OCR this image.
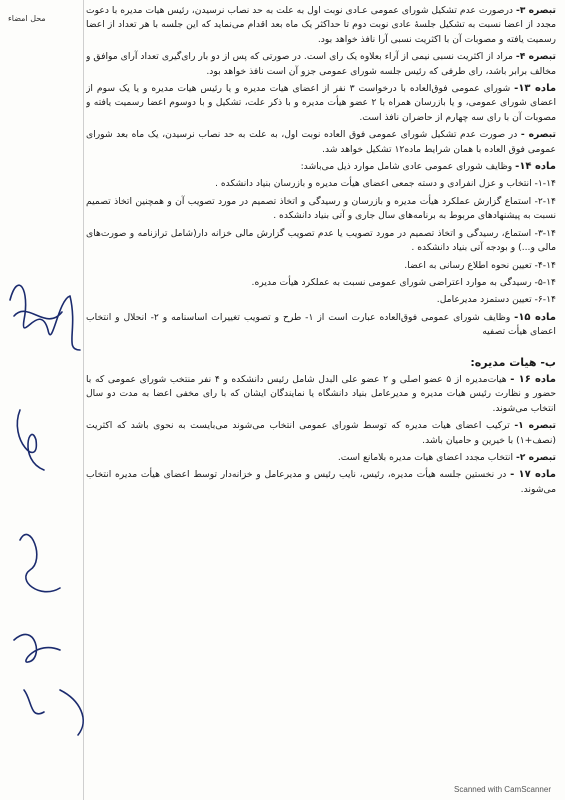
محل امضاء

تبصره ۳- درصورت عدم تشکیل شورای عمومی عـادی نوبت اول به علت به حد نصاب نرسیدن، رئیس هیات مدیره با دعوت مجدد از اعضا نسبت به تشکیل جلسهٔ عادی نوبت دوم تا حداکثر یک ماه بعد اقدام می‌نماید که این جلسه با هر تعداد از اعضا رسمیت یافته و مصوبات آن با اکثریت نسبی آرا نافذ خواهد بود.

تبصره ۴- مراد از اکثریت نسبی نیمی از آراء بعلاوه یک رای است. در صورتی که پس از دو بار رای‌گیری تعداد آرای موافق و مخالف برابر باشد، رای طرفی که رئیس جلسه شورای عمومی جزو آن است نافذ خواهد بود.

ماده ۱۳- شورای عمومی فوق‌العاده با درخواست ۳ نفر از اعضای هیات مدیره و یا رئیس هیات مدیره و یا یک سوم از اعضای شورای عمومی، و یا بازرسان همراه با ۲ عضو هیأت مدیره و با ذکر علت، تشکیل و با دوسوم اعضا رسمیت یافته و مصوبات آن با رای سه چهارم از حاضران نافذ است.

تبصره - در صورت عدم تشکیل شورای عمومی فوق العاده نوبت اول، به علت به حد نصاب نرسیدن، یک ماه بعد شورای عمومی فوق العاده با همان شرایط ماده۱۲ تشکیل خواهد شد.

ماده ۱۴- وظایف شورای عمومی عادی شامل موارد ذیل می‌باشد:

۱-۱۴- انتخاب و عزل انفرادی و دسته جمعی اعضای هیأت مدیره و بازرسان بنیاد دانشکده .

۲-۱۴- استماع گزارش عملکرد هیأت مدیره و بازرسان و رسیدگی و اتخاذ تصمیم در مورد تصویب آن و همچنین اتخاذ تصمیم نسبت به پیشنهادهای مربوط به برنامه‌های سال جاری و آتی بنیاد دانشکده .

۳-۱۴- استماع، رسیدگی و اتخاذ تصمیم در مورد تصویب یا عدم تصویب گزارش مالی خزانه دار(شامل ترازنامه و صورت‌های مالی و...) و بودجه آتی بنیاد دانشکده .

۴-۱۴- تعیین نحوه اطلاع رسانی به اعضا.

۵-۱۴- رسیدگی به موارد اعتراضی شورای عمومی نسبت به عملکرد هیأت مدیره.

۶-۱۴- تعیین دستمزد مدیرعامل.

ماده ۱۵- وظایف شورای عمومی فوق‌العاده عبارت است از ۱- طرح و تصویب تغییرات اساسنامه و ۲- انحلال و انتخاب اعضای هیأت تصفیه

ب- هیات مدیره:

ماده ۱۶ - هیات‌مدیره از ۵ عضو اصلی و ۲ عضو علی البدل شامل رئیس دانشکده و ۴ نفر منتخب شورای عمومی که با حضور و نظارت رئیس هیات مدیره و مدیرعامل بنیاد دانشگاه یا نمایندگان ایشان که با رای مخفی اعضا به مدت دو سال انتخاب می‌شوند.

تبصره ۱- ترکیب اعضای هیات مدیره که توسط شورای عمومی انتخاب می‌شوند می‌بایست به نحوی باشد که اکثریت (نصف+۱) با خیرین و حامیان باشد.

تبصره ۲- انتخاب مجدد اعضای هیات مدیره بلامانع است.

ماده ۱۷ - در نخستین جلسه هیأت مدیره، رئیس، نایب رئیس و مدیرعامل و خزانه‌دار توسط اعضای هیأت مدیره انتخاب می‌شوند.

Scanned with CamScanner
